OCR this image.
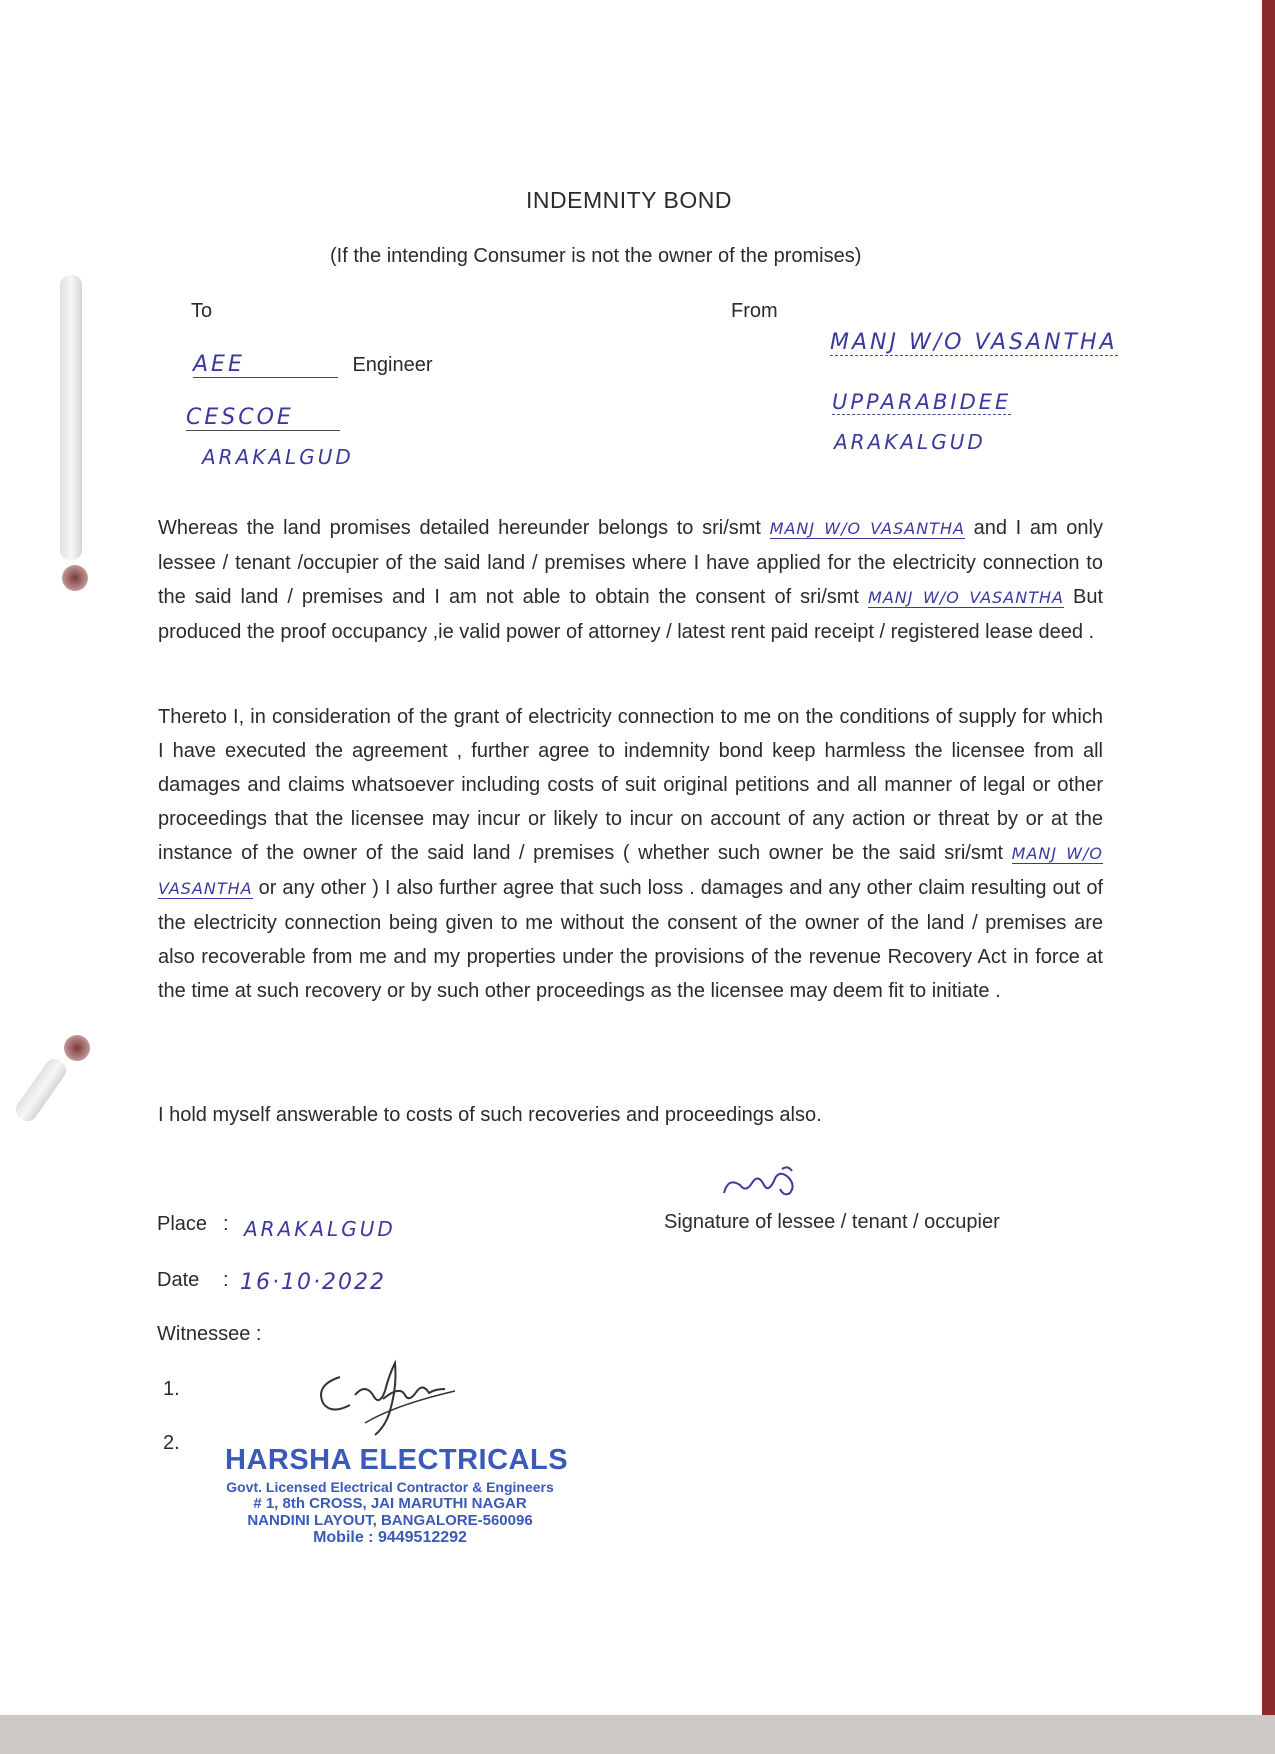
INDEMNITY BOND
(If the intending Consumer is not the owner of the promises)
To
AEE	Engineer
CESCOE
ARAKALGUD
From
MANJ W/O VASANTHA
UPPARABIDEE
ARAKALGUD

Whereas the land promises detailed hereunder belongs to sri/smt MANJ W/O VASANTHA and I am only lessee / tenant /occupier of the said land / premises where I have applied for the electricity connection to the said land / premises and I am not able to obtain the consent of sri/smt MANJ W/O VASANTHA But produced the proof occupancy ,ie valid power of attorney / latest rent paid receipt / registered lease deed .

Thereto I, in consideration of the grant of electricity connection to me on the conditions of supply for which I have executed the agreement , further agree to indemnity bond keep harmless the licensee from all damages and claims whatsoever including costs of suit original petitions and all manner of legal or other proceedings that the licensee may incur or likely to incur on account of any action or threat by or at the instance of the owner of the said land / premises ( whether such owner be the said sri/smt MANJ W/O VASANTHA or any other ) I also further agree that such loss . damages and any other claim resulting out of the electricity connection being given to me without the consent of the owner of the land / premises are also recoverable from me and my properties under the provisions of the revenue Recovery Act in force at the time at such recovery or by such other proceedings as the licensee may deem fit to initiate .

I hold myself answerable to costs of such recoveries and proceedings also.

Signature of lessee / tenant / occupier
Place : ARAKALGUD
Date : 16·10·2022
Witnessee :
1.
2.
HARSHA ELECTRICALS
Govt. Licensed Electrical Contractor & Engineers
# 1, 8th CROSS, JAI MARUTHI NAGAR
NANDINI LAYOUT, BANGALORE-560096
Mobile : 9449512292
